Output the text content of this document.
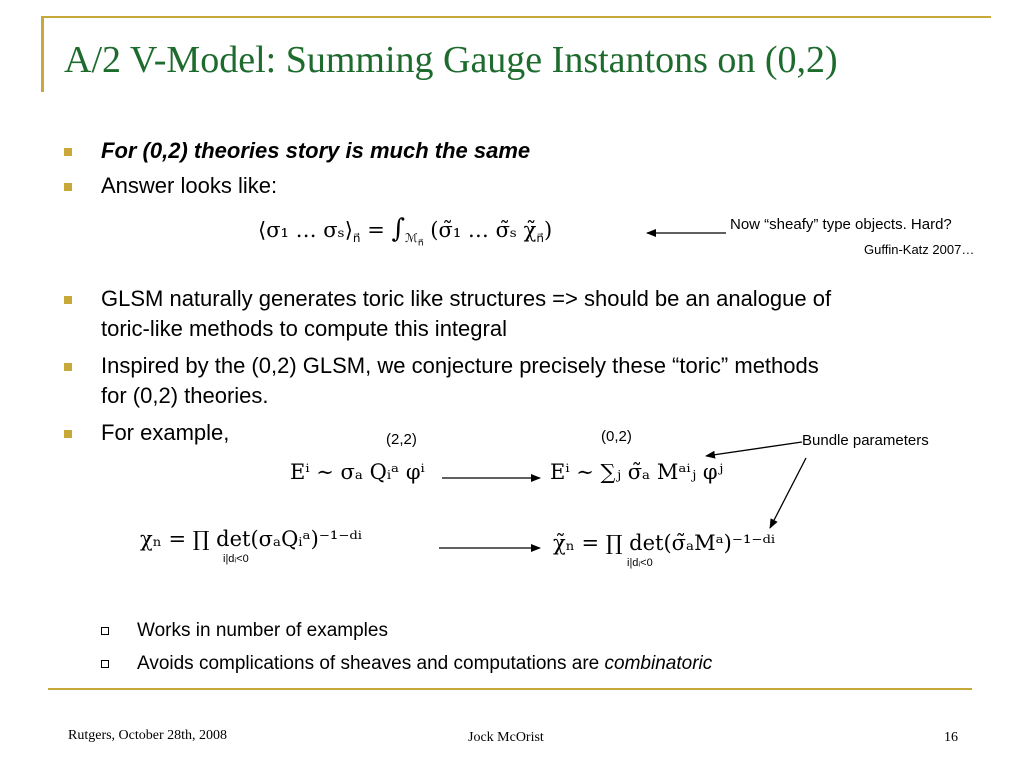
A/2 V-Model: Summing Gauge Instantons on (0,2)
For (0,2) theories story is much the same
Answer looks like:
⟨σ₁ … $\sigma_s⟩_{n⃗} = \int_{ℳ_{n⃗}}$ (σ̃₁ … σ̃ₛ $\chĩ_{n⃗}$)	Now “sheafy” type objects. Hard?
Guffin-Katz 2007…
GLSM naturally generates toric like structures => should be an analogue of
toric-like methods to compute this integral
Inspired by the (0,2) GLSM, we conjecture precisely these “toric” methods
for (0,2) theories.
For example,	(2,2)	(0,2)	Bundle parameters
Eⁱ ∼ σₐ Qᵢᵃ φⁱ	Eⁱ ∼ ∑ⱼ σ̃ₐ Mᵃⁱⱼ φʲ
χₙ = ∏ det(σₐQᵢᵃ)⁻¹⁻ᵈⁱ
i|dᵢ<0
χ̃ₙ = ∏ det(σ̃ₐMᵃ)⁻¹⁻ᵈⁱ
i|dᵢ<0
Works in number of examples
Avoids complications of sheaves and computations are combinatoric
Rutgers, October 28th, 2008	Jock McOrist	16
